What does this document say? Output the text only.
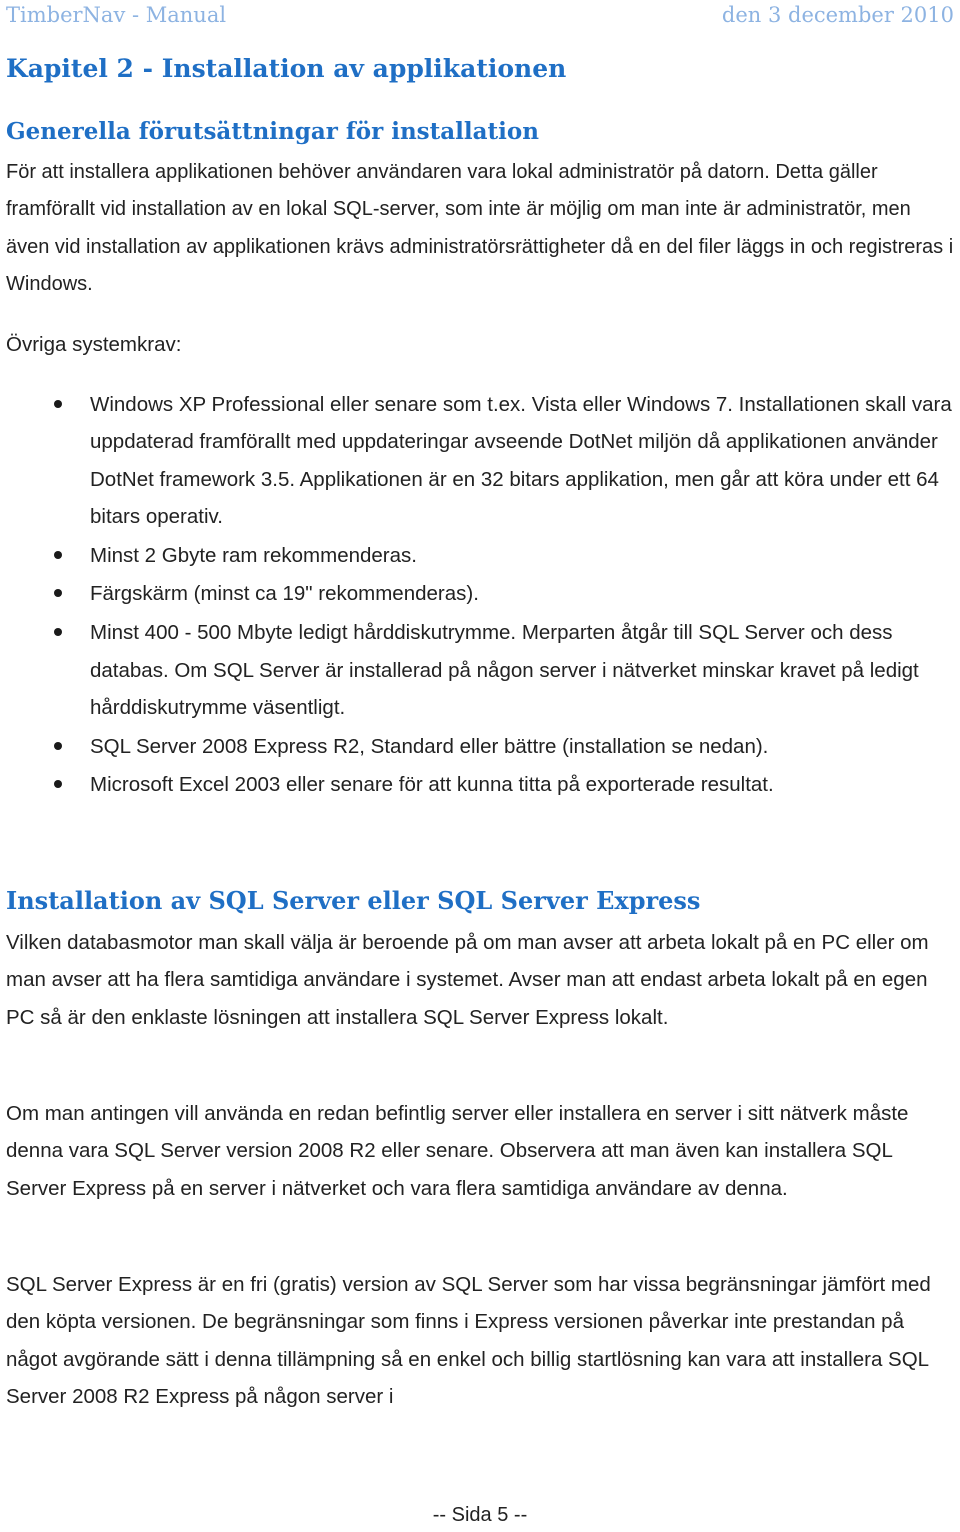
TimberNav - Manual	den 3 december 2010
Kapitel 2 - Installation av applikationen
Generella förutsättningar för installation

För att installera applikationen behöver användaren vara lokal administratör på datorn. Detta gäller framförallt vid installation av en lokal SQL-server, som inte är möjlig om man inte är administratör, men även vid installation av applikationen krävs administratörsrättigheter då en del filer läggs in och registreras i Windows.

Övriga systemkrav:

Windows XP Professional eller senare som t.ex. Vista eller Windows 7. Installationen skall vara uppdaterad framförallt med uppdateringar avseende DotNet miljön då applikationen använder DotNet framework 3.5. Applikationen är en 32 bitars applikation, men går att köra under ett 64 bitars operativ.
Minst 2 Gbyte ram rekommenderas.
Färgskärm (minst ca 19" rekommenderas).
Minst 400 - 500 Mbyte ledigt hårddiskutrymme. Merparten åtgår till SQL Server och dess databas. Om SQL Server är installerad på någon server i nätverket minskar kravet på ledigt hårddiskutrymme väsentligt.
SQL Server 2008 Express R2, Standard eller bättre (installation se nedan).
Microsoft Excel 2003 eller senare för att kunna titta på exporterade resultat.
Installation av SQL Server eller SQL Server Express

Vilken databasmotor man skall välja är beroende på om man avser att arbeta lokalt på en PC eller om man avser att ha flera samtidiga användare i systemet. Avser man att endast arbeta lokalt på en egen PC så är den enklaste lösningen att installera SQL Server Express lokalt.

Om man antingen vill använda en redan befintlig server eller installera en server i sitt nätverk måste denna vara SQL Server version 2008 R2 eller senare. Observera att man även kan installera SQL Server Express på en server i nätverket och vara flera samtidiga användare av denna.

SQL Server Express är en fri (gratis) version av SQL Server som har vissa begränsningar jämfört med den köpta versionen. De begränsningar som finns i Express versionen påverkar inte prestandan på något avgörande sätt i denna tillämpning så en enkel och billig startlösning kan vara att installera SQL Server 2008 R2 Express på någon server i

-- Sida 5 --
